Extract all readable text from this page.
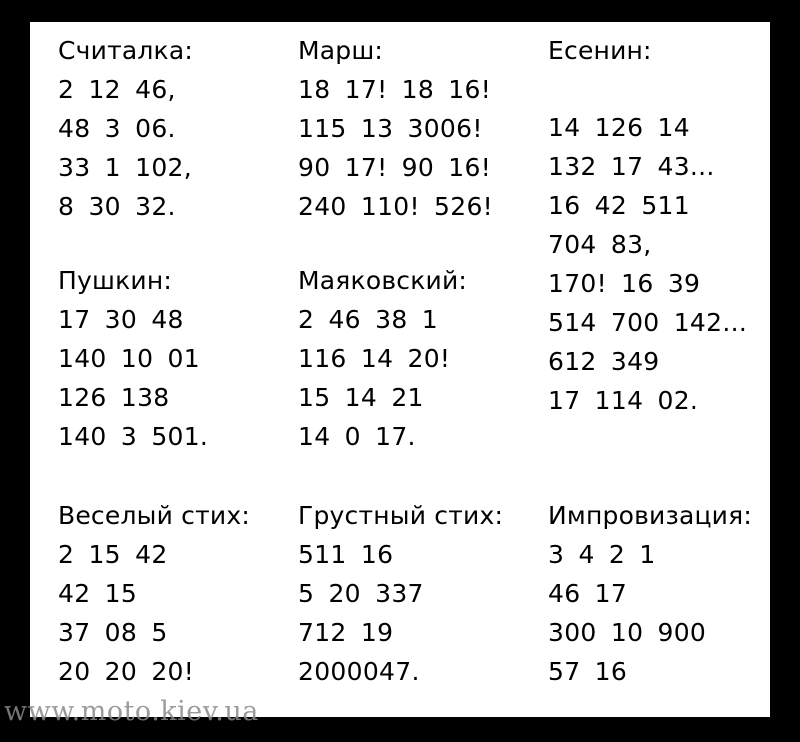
Считалка:
2 12 46,
48 3 06.
33 1 102,
8 30 32.
Марш:
18 17! 18 16!
115 13 3006!
90 17! 90 16!
240 110! 526!
Есенин:
14 126 14
132 17 43...
16 42 511
704 83,
170! 16 39
514 700 142...
612 349
17 114 02.
Пушкин:
17 30 48
140 10 01
126 138
140 3 501.
Маяковский:
2 46 38 1
116 14 20!
15 14 21
14 0 17.
Веселый стих:
2 15 42
42 15
37 08 5
20 20 20!
Грустный стих:
511 16
5 20 337
712 19
2000047.
Импровизация:
3 4 2 1
46 17
300 10 900
57 16
www.moto.kiev.ua
